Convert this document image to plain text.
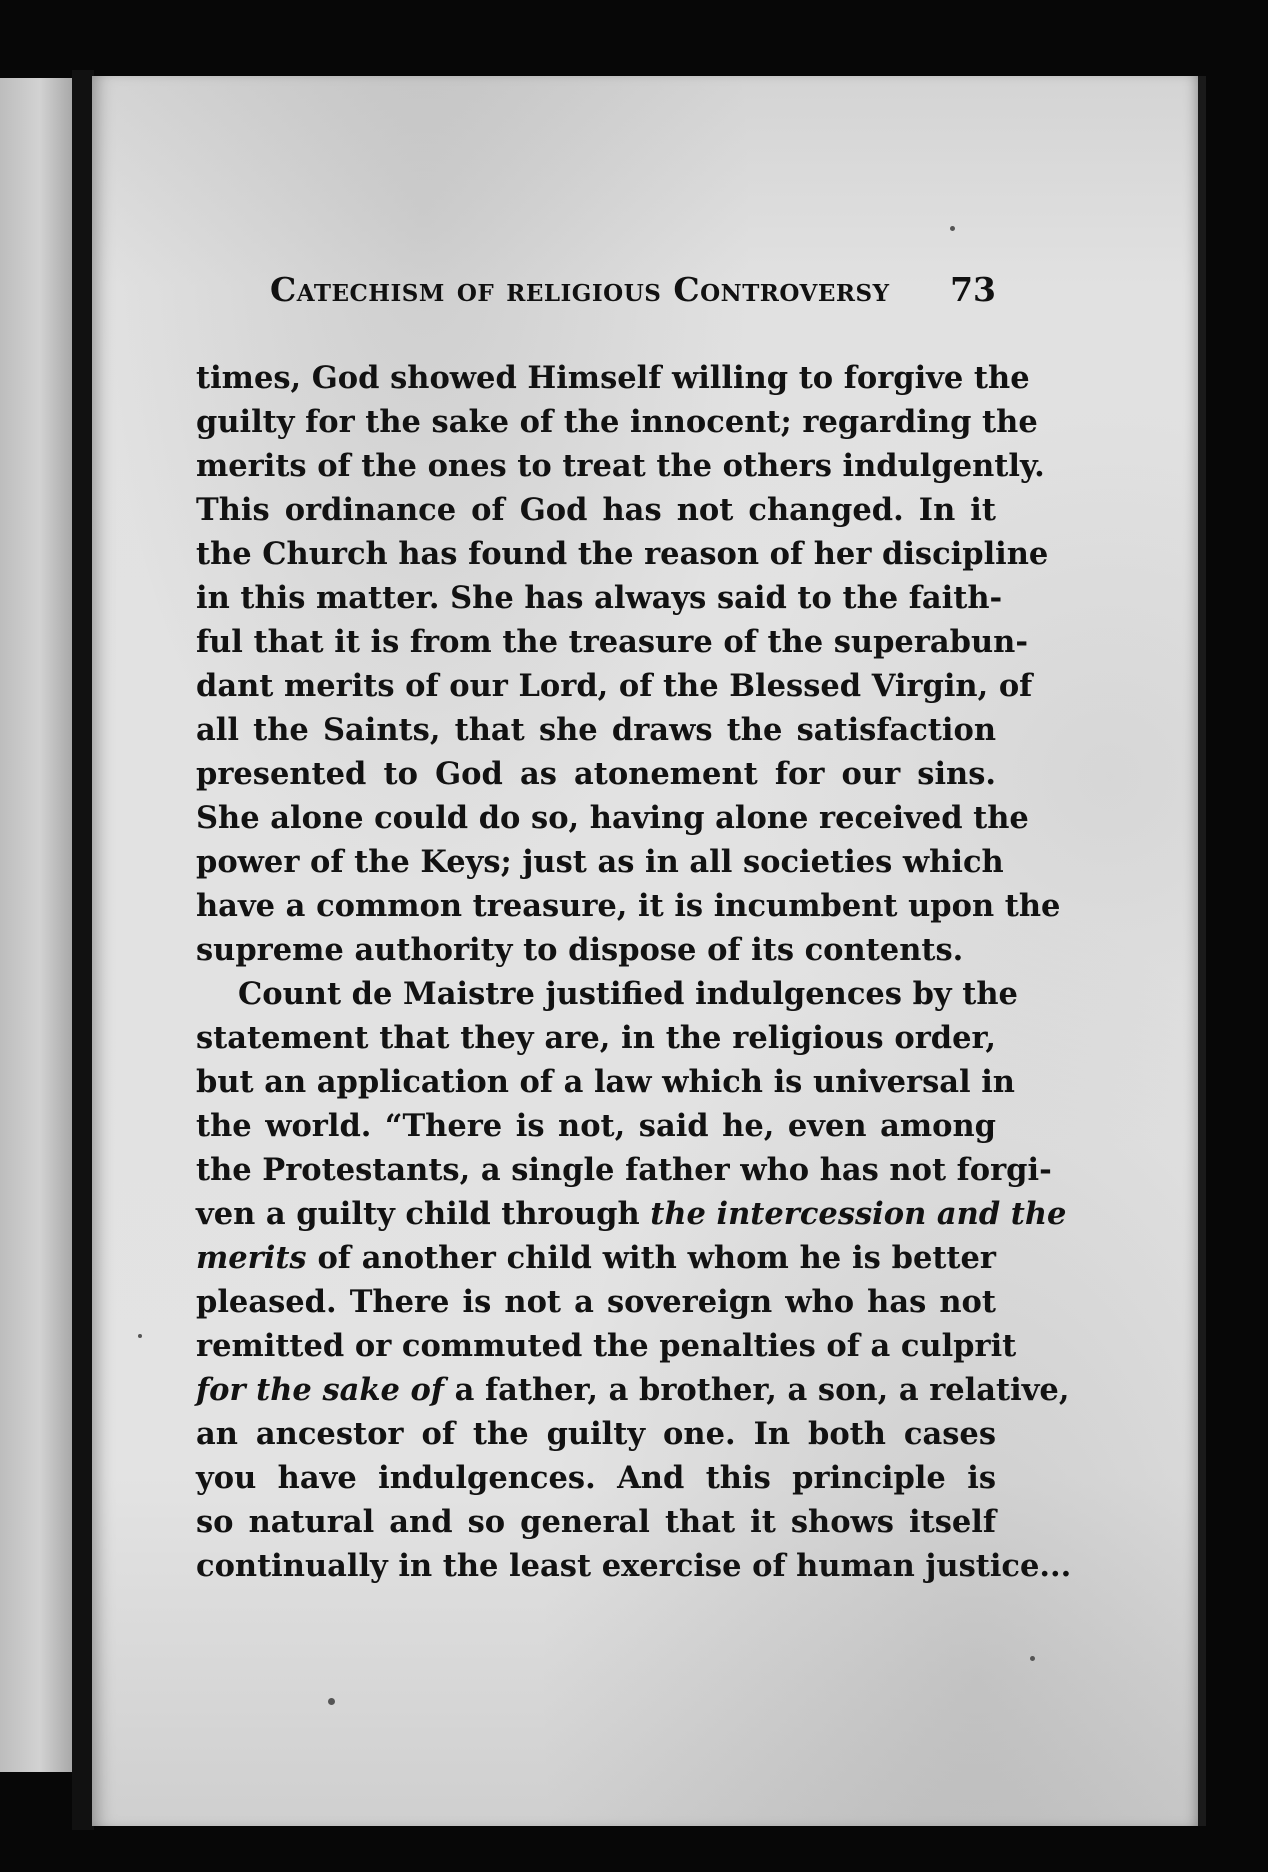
Catechism of religious Controversy 73
times, God showed Himself willing to forgive the
guilty for the sake of the innocent; regarding the
merits of the ones to treat the others indulgently.
This ordinance of God has not changed. In it
the Church has found the reason of her discipline
in this matter. She has always said to the faith-
ful that it is from the treasure of the superabun-
dant merits of our Lord, of the Blessed Virgin, of
all the Saints, that she draws the satisfaction
presented to God as atonement for our sins.
She alone could do so, having alone received the
power of the Keys; just as in all societies which
have a common treasure, it is incumbent upon the
supreme authority to dispose of its contents.
Count de Maistre justified indulgences by the
statement that they are, in the religious order,
but an application of a law which is universal in
the world. “There is not, said he, even among
the Protestants, a single father who has not forgi-
ven a guilty child through the intercession and the
merits of another child with whom he is better
pleased. There is not a sovereign who has not
remitted or commuted the penalties of a culprit
for the sake of a father, a brother, a son, a relative,
an ancestor of the guilty one. In both cases
you have indulgences. And this principle is
so natural and so general that it shows itself
continually in the least exercise of human justice...
